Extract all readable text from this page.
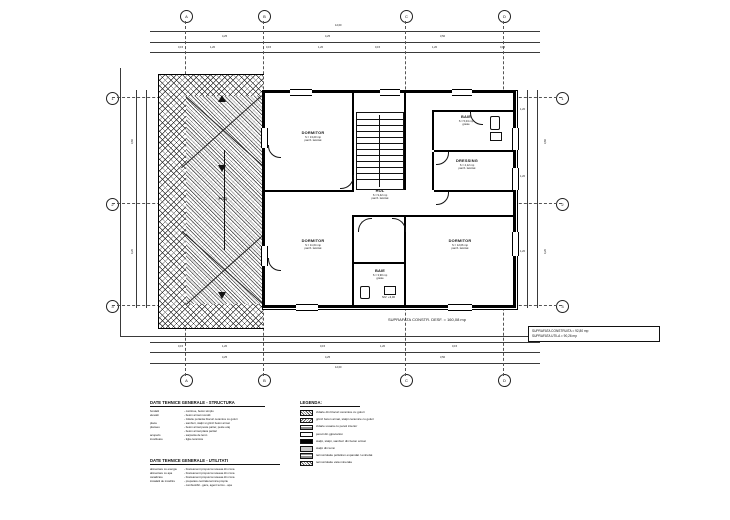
12,00
4,25	4,25	3,50
0,15	1,20	0,15	1,20	0,15	1,20	0,15
0,15	1,20	0,15	1,20	0,15
4,25	4,25	3,50
12,00
3,60
4,20
3,60
4,20
A	B	C	D
A	B	C	D
1
2
3
1
2
3
POD
DORMITOR
S = 13,20 mp
parch. laminat
BAIE
S = 5,04 mp
gresie
DRESSING
S = 4,12 mp
parch. laminat
HOL
S = 9,42 mp
parch. laminat
DORMITOR
S = 11,64 mp
parch. laminat
BAIE
S = 3,90 mp
gresie
DORMITOR
S = 12,06 mp
parch. laminat
NIV. +3,00
1,20
1,20
1,20
SUPRAFATA CONSTR. DESF. = 160,08 mp
SUPRAFATA CONSTRUITA = 92,80 mp
SUPRAFATA UTILA = 90,26 mp
DATE TEHNICE GENERALE - STRUCTURA
fundatii	- continue, beton simplu
elevatii	- beton armat monolit
- zidarie portanta blocuri ceramice cu goluri
placa	- samburi, stalpi si grinzi beton armat
planseu	- beton armat peste parter, peste etaj
- beton armat placa partial
acoperis	- sarpanta de lemn
invelitoare	- tigla ceramica
DATE TEHNICE GENERALE - UTILITATI
alimentare cu energie	- bransament propus la reteaua din zona
alimentare cu apa	- bransament propus la reteaua din zona
canalizare	- bransament propus la reteaua din zona
instalatii de incalzire	- preparare centrala termica proprie
- combustibil - gaze, agent termo - apa
LEGENDA:
zidarie din blocuri ceramice cu goluri
grinzi beton armat, stalpi ceramice cu goluri
zidarie usoara cu pereti interior
pereti din gipscarton
stalpi, stalpi, samburi din beton armat
stalpi din lemn
termoizolatie polistiren expandat / extrudat
termoizolatie vata minerala
